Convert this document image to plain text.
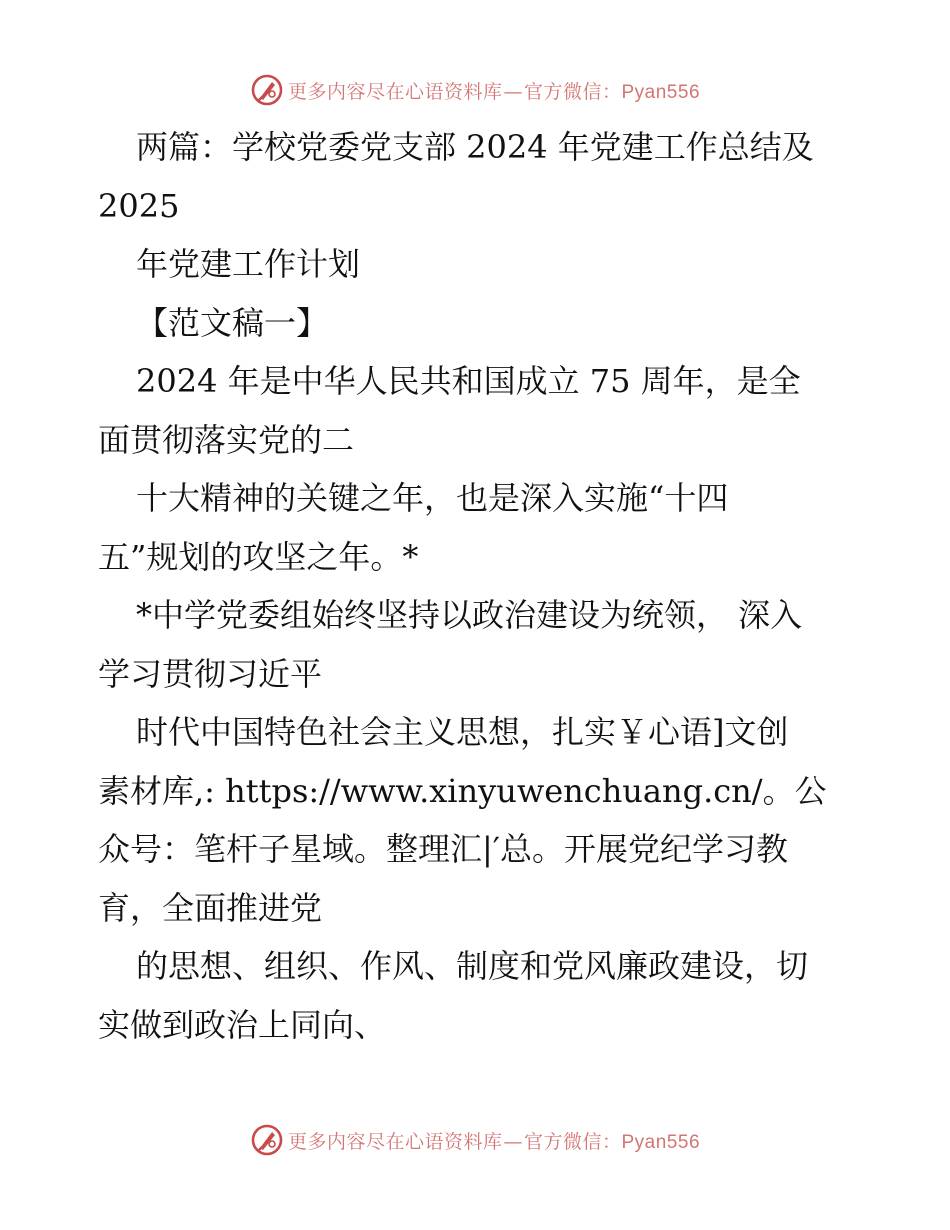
更多内容尽在心语资料库—官方微信：Pyan556

两篇：学校党委党支部 2024 年党建工作总结及

2025

年党建工作计划

【范文稿一】

2024 年是中华人民共和国成立 75 周年，是全

面贯彻落实党的二

十大精神的关键之年，也是深入实施“十四

五”规划的攻坚之年。*

*中学党委组始终坚持以政治建设为统领， 深入

学习贯彻习近平

时代中国特色社会主义思想，扎实￥心语]文创

素材库,: https://www.xinyuwenchuang.cn/。公

众号：笔杆子星域。整理汇|′总。开展党纪学习教

育，全面推进党

的思想、组织、作风、制度和党风廉政建设，切

实做到政治上同向、

更多内容尽在心语资料库—官方微信：Pyan556
